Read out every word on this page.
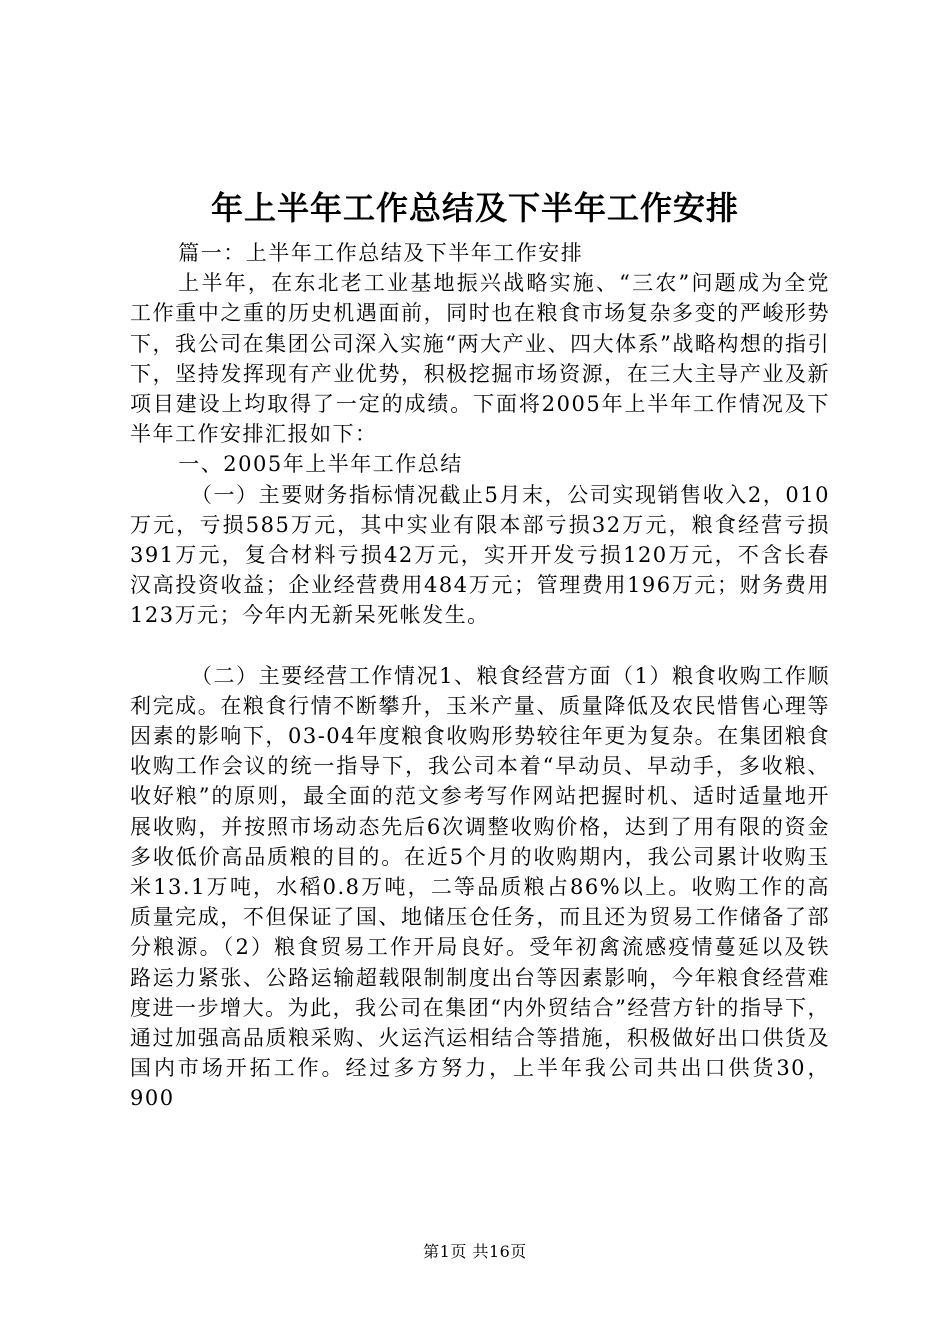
年上半年工作总结及下半年工作安排

篇一：上半年工作总结及下半年工作安排

上半年，在东北老工业基地振兴战略实施、“三农”问题成为全党工作重中之重的历史机遇面前，同时也在粮食市场复杂多变的严峻形势下，我公司在集团公司深入实施“两大产业、四大体系”战略构想的指引下，坚持发挥现有产业优势，积极挖掘市场资源，在三大主导产业及新项目建设上均取得了一定的成绩。下面将2005年上半年工作情况及下半年工作安排汇报如下：

一、2005年上半年工作总结

（一）主要财务指标情况截止5月末，公司实现销售收入2，010万元，亏损585万元，其中实业有限本部亏损32万元，粮食经营亏损391万元，复合材料亏损42万元，实开开发亏损120万元，不含长春汉高投资收益；企业经营费用484万元；管理费用196万元；财务费用123万元；今年内无新呆死帐发生。

（二）主要经营工作情况1、粮食经营方面（1）粮食收购工作顺利完成。在粮食行情不断攀升，玉米产量、质量降低及农民惜售心理等因素的影响下，03-04年度粮食收购形势较往年更为复杂。在集团粮食收购工作会议的统一指导下，我公司本着“早动员、早动手，多收粮、收好粮”的原则，最全面的范文参考写作网站把握时机、适时适量地开展收购，并按照市场动态先后6次调整收购价格，达到了用有限的资金多收低价高品质粮的目的。在近5个月的收购期内，我公司累计收购玉米13.1万吨，水稻0.8万吨，二等品质粮占86%以上。收购工作的高质量完成，不但保证了国、地储压仓任务，而且还为贸易工作储备了部分粮源。（2）粮食贸易工作开局良好。受年初禽流感疫情蔓延以及铁路运力紧张、公路运输超载限制制度出台等因素影响，今年粮食经营难度进一步增大。为此，我公司在集团“内外贸结合”经营方针的指导下，通过加强高品质粮采购、火运汽运相结合等措施，积极做好出口供货及国内市场开拓工作。经过多方努力，上半年我公司共出口供货30，900

第1页 共16页
